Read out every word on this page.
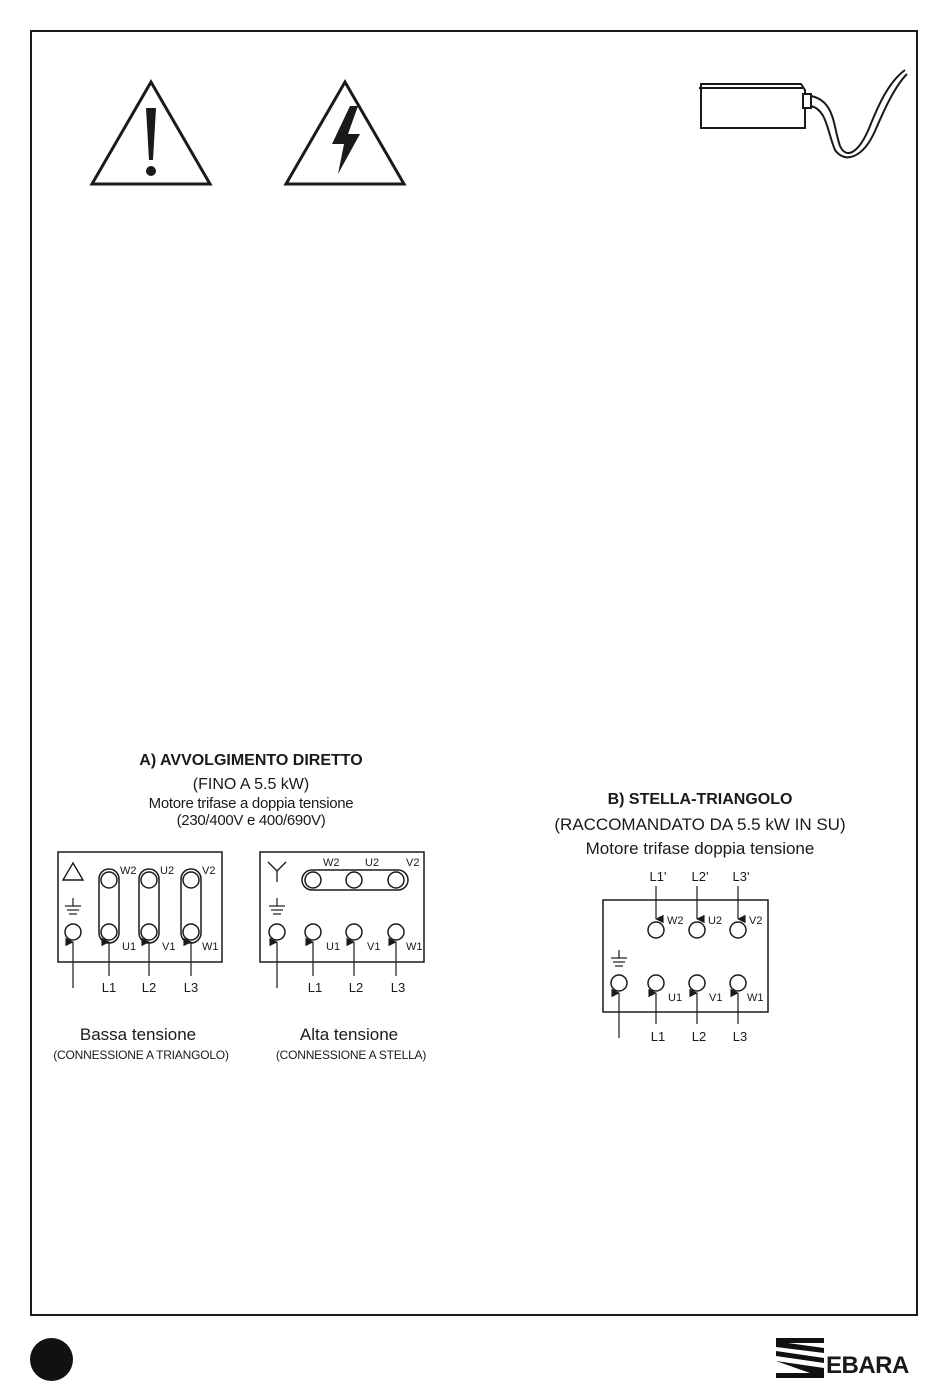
A) AVVOLGIMENTO DIRETTO
(FINO A 5.5 kW)
Motore trifase a doppia tensione
(230/400V e 400/690V)
B) STELLA-TRIANGOLO
(RACCOMANDATO DA 5.5 kW IN SU)
Motore trifase doppia tensione
W2 U2	V2
U1 V1 W1
L1 L2 L3
W2 U2 V2
U1 V1 W1
L1 L2 L3
Bassa tensione
(CONNESSIONE A TRIANGOLO)
Alta tensione
(CONNESSIONE A STELLA)
L1' L2' L3'
W2 U2 V2
U1 V1 W1
L1 L2 L3
EBARA
